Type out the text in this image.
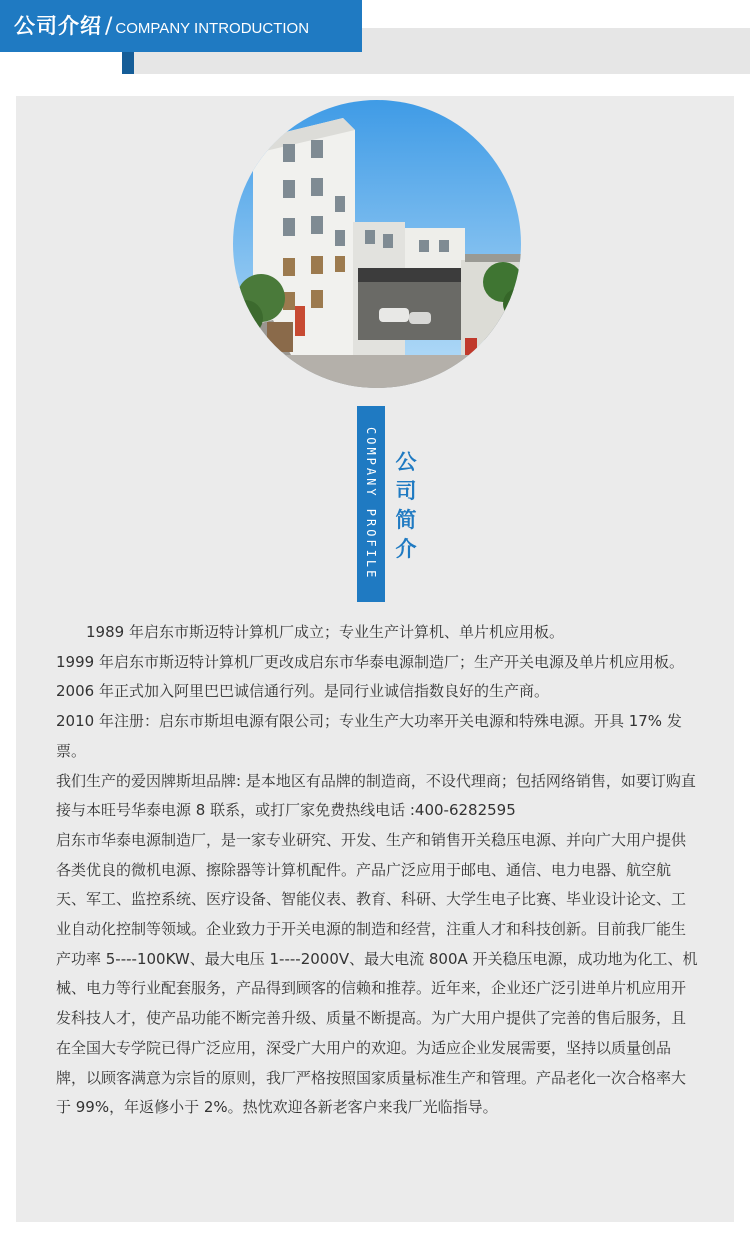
公司介绍 / COMPANY INTRODUCTION
COMPANY PROFILE 公
司
简
介

　　1989 年启东市斯迈特计算机厂成立；专业生产计算机、单片机应用板。

1999 年启东市斯迈特计算机厂更改成启东市华泰电源制造厂；生产开关电源及单片机应用板。

2006 年正式加入阿里巴巴诚信通行列。是同行业诚信指数良好的生产商。

2010 年注册：启东市斯坦电源有限公司；专业生产大功率开关电源和特殊电源。开具 17% 发票。

我们生产的爱因牌斯坦品牌: 是本地区有品牌的制造商，不设代理商；包括网络销售，如要订购直接与本旺号华泰电源 8 联系，或打厂家免费热线电话 :400-6282595

启东市华泰电源制造厂，是一家专业研究、开发、生产和销售开关稳压电源、并向广大用户提供各类优良的微机电源、擦除器等计算机配件。产品广泛应用于邮电、通信、电力电器、航空航天、军工、监控系统、医疗设备、智能仪表、教育、科研、大学生电子比赛、毕业设计论文、工业自动化控制等领域。企业致力于开关电源的制造和经营，注重人才和科技创新。目前我厂能生产功率 5----100KW、最大电压 1----2000V、最大电流 800A 开关稳压电源，成功地为化工、机械、电力等行业配套服务，产品得到顾客的信赖和推荐。近年来，企业还广泛引进单片机应用开发科技人才，使产品功能不断完善升级、质量不断提高。为广大用户提供了完善的售后服务，且在全国大专学院已得广泛应用，深受广大用户的欢迎。为适应企业发展需要，坚持以质量创品牌，以顾客满意为宗旨的原则，我厂严格按照国家质量标准生产和管理。产品老化一次合格率大于 99%，年返修小于 2%。热忱欢迎各新老客户来我厂光临指导。
